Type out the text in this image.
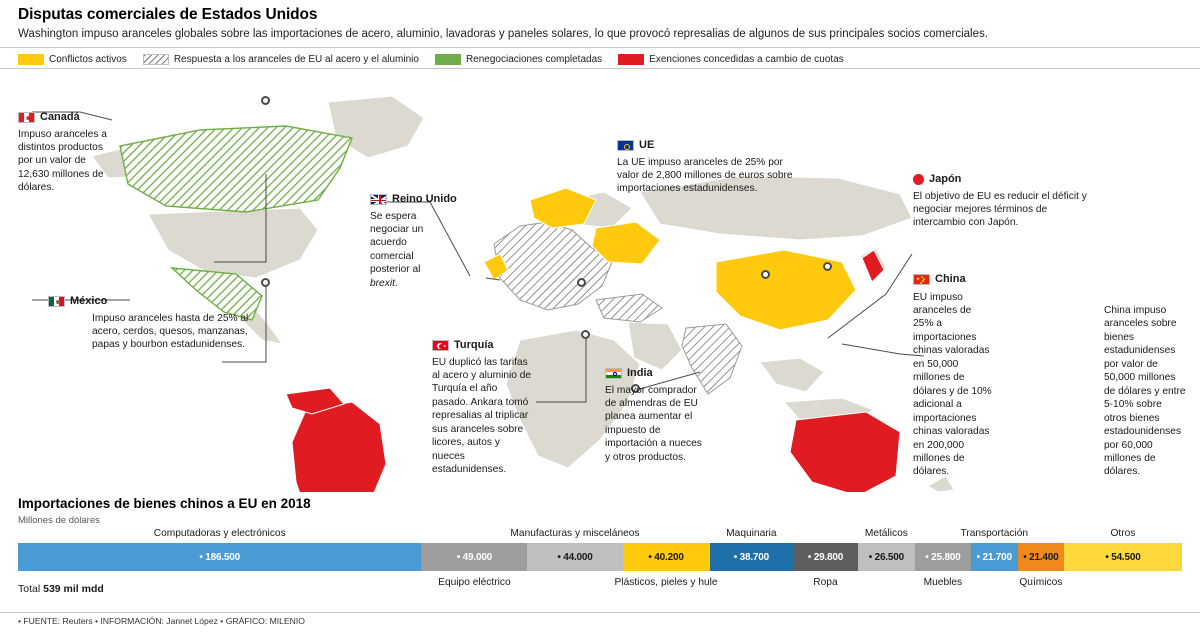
Disputas comerciales de Estados Unidos
Washington impuso aranceles globales sobre las importaciones de acero, aluminio, lavadoras y paneles solares, lo que provocó represalias de algunos de sus principales socios comerciales.
Conflictos activos	Respuesta a los aranceles de EU al acero y el aluminio	Renegociaciones completadas	Exenciones concedidas a cambio de cuotas
Canadá
Impuso aranceles a distintos productos por un valor de 12,630 millones de dólares.
México
Impuso aranceles hasta de 25% al acero, cerdos, quesos, manzanas, papas y bourbon estadunidenses.
Reino Unido
Se espera negociar un acuerdo comercial posterior al brexit.
UE
La UE impuso aranceles de 25% por valor de 2,800 millones de euros sobre importaciones estadunidenses.
Turquía
EU duplicó las tarifas al acero y aluminio de Turquía el año pasado. Ankara tomó represalias al triplicar sus aranceles sobre licores, autos y nueces estadunidenses.
India
El mayor comprador de almendras de EU planea aumentar el impuesto de importación a nueces y otros productos.
Japón
El objetivo de EU es reducir el déficit y negociar mejores términos de intercambio con Japón.
China
EU impuso aranceles de 25% a importaciones chinas valoradas en 50,000 millones de dólares y de 10% adicional a importaciones chinas valoradas en 200,000 millones de dólares.
China impuso aranceles sobre bienes estadunidenses por valor de 50,000 millones de dólares y entre 5-10% sobre otros bienes estadounidenses por 60,000 millones de dólares.
Importaciones de bienes chinos a EU en 2018
Millones de dólares
• 186.500
Computadoras y electrónicos
• 49.000
Equipo eléctrico
• 44.000
Manufacturas y misceláneos
• 40.200
Plásticos, pieles y hule
• 38.700
Maquinaria
• 29.800
Ropa
• 26.500
Metálicos
• 25.800
Muebles
• 21.700
Transportación
• 21.400
Químicos
• 54.500
Otros
Total 539 mil mdd
• FUENTE: Reuters • INFORMACIÓN: Jannet López • GRÁFICO: MILENIO
